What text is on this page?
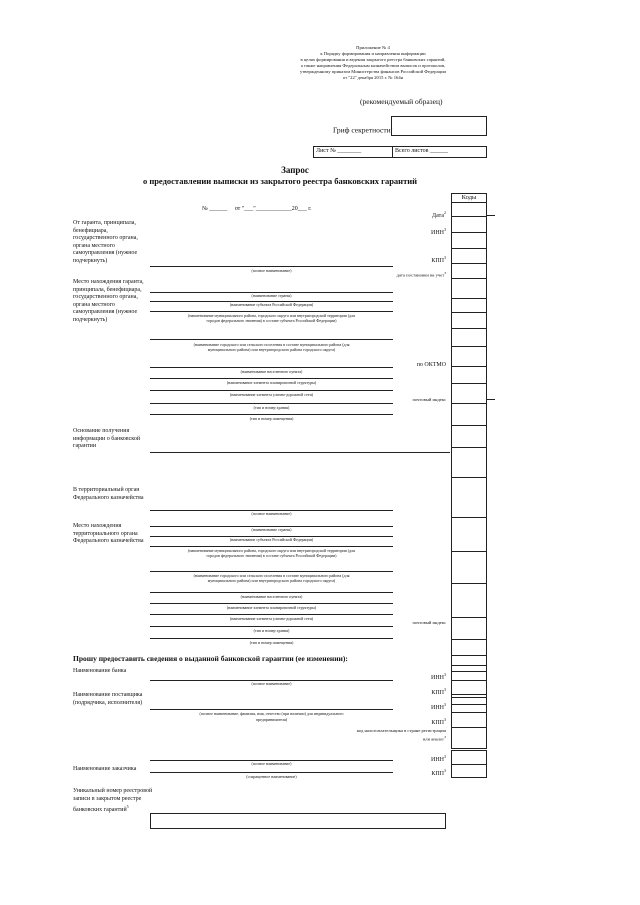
Приложение № 4
к Порядку формирования и направления информации
в целях формирования и ведения закрытого реестра банковских гарантий,
а также направления Федеральным казначейством выписок и протоколов,
утвержденному приказом Министерства финансов Российской Федерации
от "22" декабря 2015 г. № 164н
(рекомендуемый образец)
Гриф секретности$^1$
Лист № ________	Всего листов ______
Запрос
о предоставлении выписки из закрытого реестра банковских гарантий
Коды
№ ______     от "___"____________20___ г.
Дата$^2$
От гаранта, принципала, бенефициара, государственного органа, органа местного самоуправления (нужное подчеркнуть)
ИНН$^3$
КПП$^3$
(полное наименование)
дата постановки на учет$^3$
Место нахождения гаранта, принципала, бенефициара, государственного органа, органа местного самоуправления (нужное подчеркнуть)
(наименование страны)
(наименование субъекта Российской Федерации)
(наименование муниципального района, городского округа или внутригородской территории (для
городов федерального значения) в составе субъекта Российской Федерации)
(наименование городского или сельского поселения в составе муниципального района (для
муниципального района) или внутригородского района городского округа)
по ОКТМО
(наименование населенного пункта)
(наименование элемента планировочной структуры)
(наименование элемента улично-дорожной сети)
почтовый индекс
(тип и номер здания)
(тип и номер помещения)
Основание получения информации о банковской гарантии
В территориальный орган Федерального казначейства
(полное наименование)
Место нахождения территориального органа Федерального казначейства
(наименование страны)
(наименование субъекта Российской Федерации)
(наименование муниципального района, городского округа или внутригородской территории (для
городов федерального значения) в составе субъекта Российской Федерации)
(наименование городского или сельского поселения в составе муниципального района (для
муниципального района) или внутригородского района городского округа)
(наименование населенного пункта)
(наименование элемента планировочной структуры)
(наименование элемента улично-дорожной сети)
почтовый индекс
(тип и номер здания)
(тип и номер помещения)
Прошу предоставить сведения о выданной банковской гарантии (ее изменении):
Наименование банка
(полное наименование)
Наименование поставщика (подрядчика, исполнителя)
(полное наименование, фамилия, имя, отчество (при наличии) для индивидуального
предпринимателя)
код налогоплательщика в стране регистрации
или аналог$^3$
Наименование заказчика
(полное наименование)
(сокращенное наименование)
ИНН$^3$
КПП$^3$
ИНН$^3$
КПП$^3$
ИНН$^3$
КПП$^3$
Уникальный номер реестровой записи в закрытом реестре банковских гарантий$^5$
